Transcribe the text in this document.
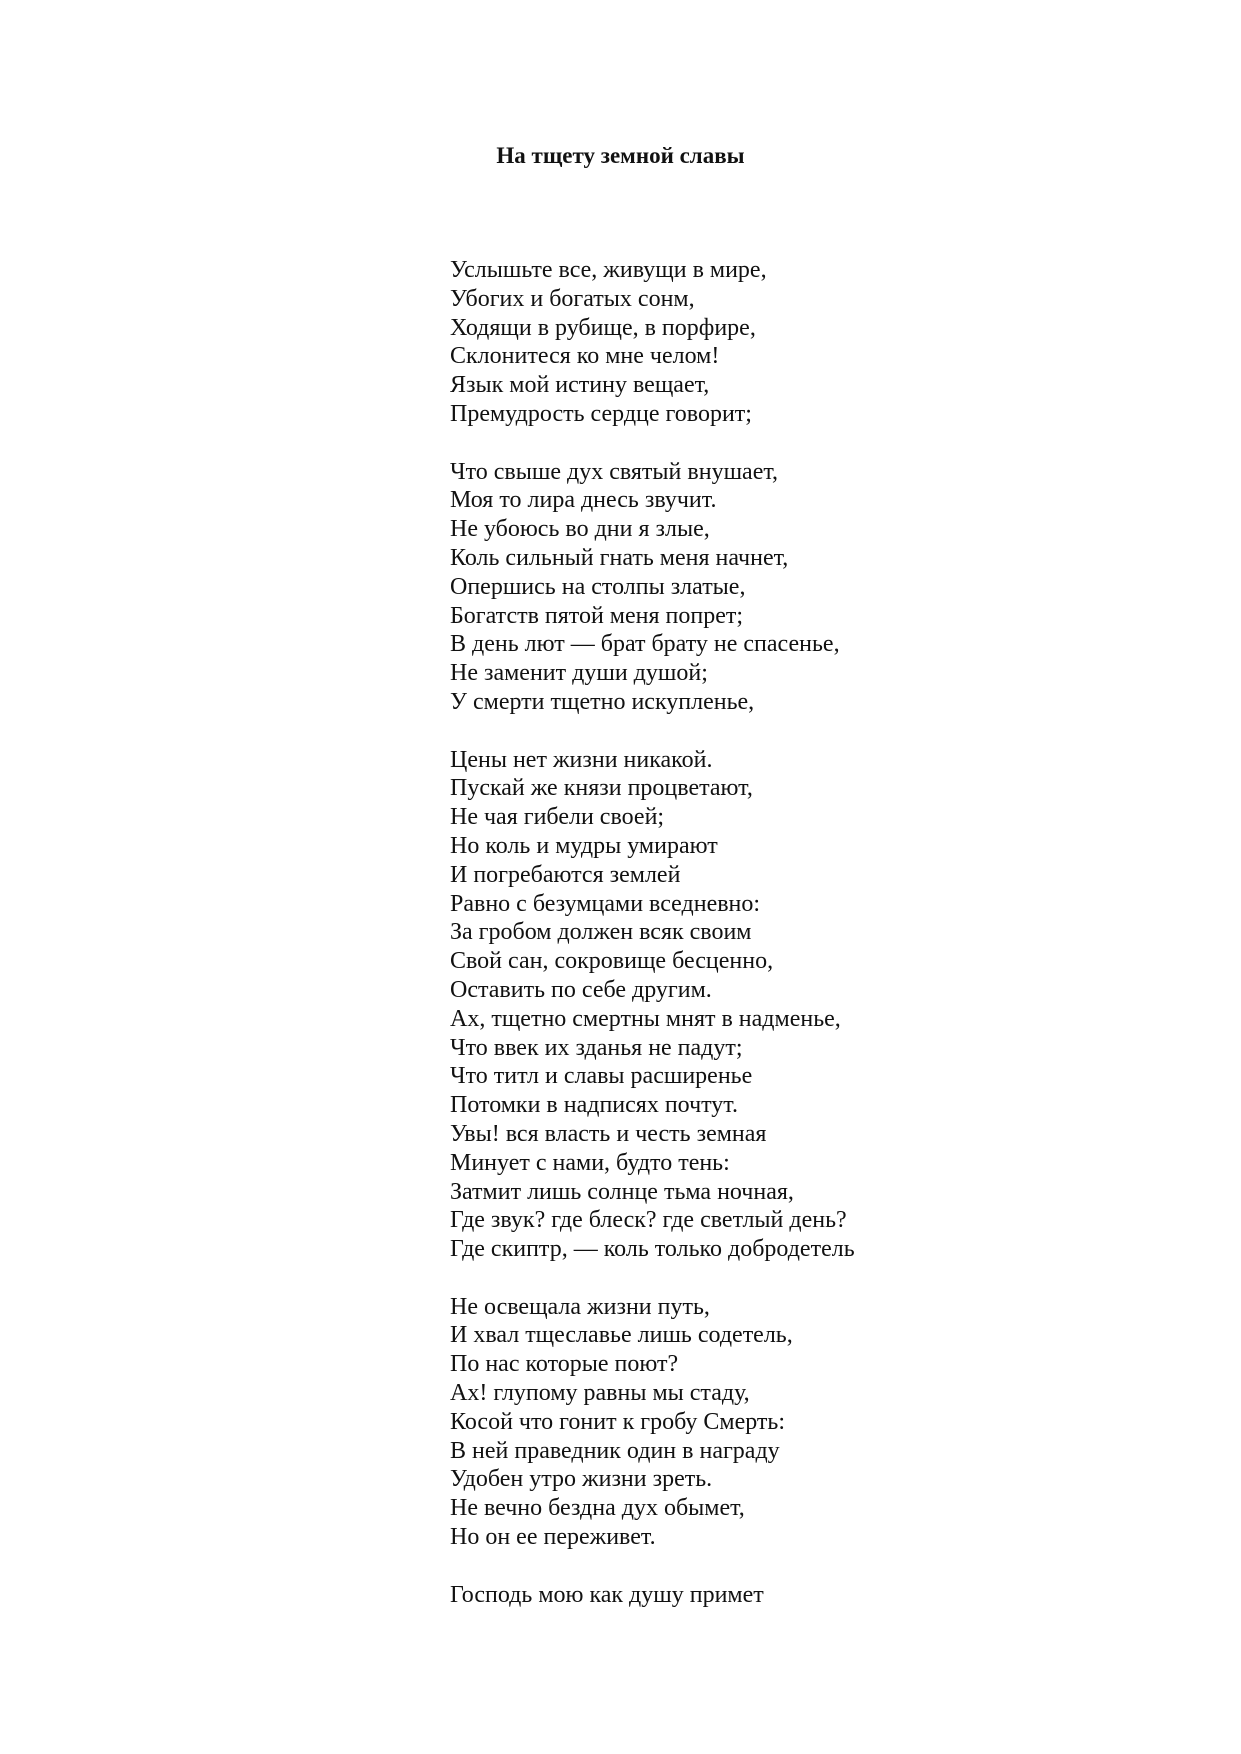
На тщету земной славы
Услышьте все, живущи в мире,
Убогих и богатых сонм,
Ходящи в рубище, в порфире,
Склонитеся ко мне челом!
Язык мой истину вещает,
Премудрость сердце говорит;
Что свыше дух святый внушает,
Моя то лира днесь звучит.
Не убоюсь во дни я злые,
Коль сильный гнать меня начнет,
Опершись на столпы златые,
Богатств пятой меня попрет;
В день лют — брат брату не спасенье,
Не заменит души душой;
У смерти тщетно искупленье,
Цены нет жизни никакой.
Пускай же князи процветают,
Не чая гибели своей;
Но коль и мудры умирают
И погребаются землей
Равно с безумцами вседневно:
За гробом должен всяк своим
Свой сан, сокровище бесценно,
Оставить по себе другим.
Ах, тщетно смертны мнят в надменье,
Что ввек их зданья не падут;
Что титл и славы расширенье
Потомки в надписях почтут.
Увы! вся власть и честь земная
Минует с нами, будто тень:
Затмит лишь солнце тьма ночная,
Где звук? где блеск? где светлый день?
Где скиптр, — коль только добродетель
Не освещала жизни путь,
И хвал тщеславье лишь содетель,
По нас которые поют?
Ах! глупому равны мы стаду,
Косой что гонит к гробу Смерть:
В ней праведник один в награду
Удобен утро жизни зреть.
Не вечно бездна дух обымет,
Но он ее переживет.
Господь мою как душу примет
